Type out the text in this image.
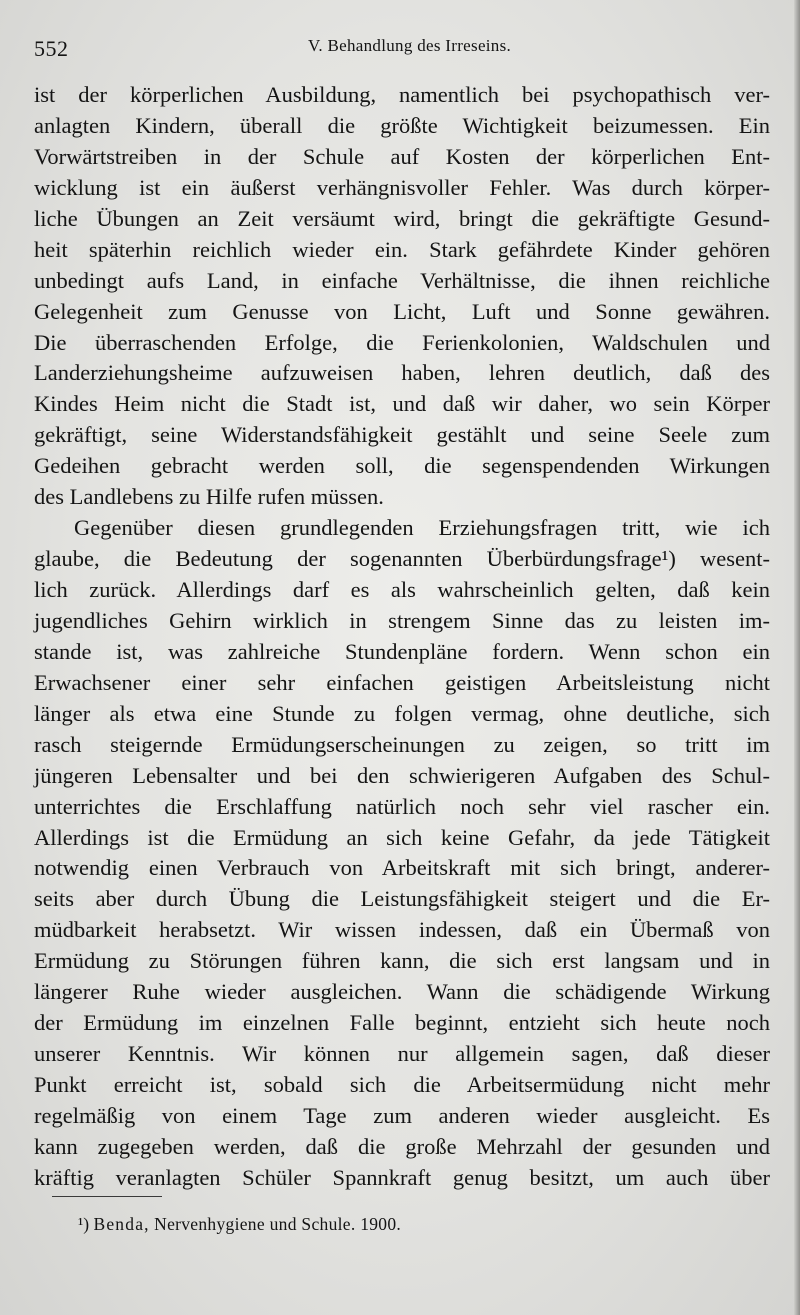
552	V. Behandlung des Irreseins.
ist der körperlichen Ausbildung, namentlich bei psychopathisch ver-
anlagten Kindern, überall die größte Wichtigkeit beizumessen. Ein
Vorwärtstreiben in der Schule auf Kosten der körperlichen Ent-
wicklung ist ein äußerst verhängnisvoller Fehler. Was durch körper-
liche Übungen an Zeit versäumt wird, bringt die gekräftigte Gesund-
heit späterhin reichlich wieder ein. Stark gefährdete Kinder gehören
unbedingt aufs Land, in einfache Verhältnisse, die ihnen reichliche
Gelegenheit zum Genusse von Licht, Luft und Sonne gewähren.
Die überraschenden Erfolge, die Ferienkolonien, Waldschulen und
Landerziehungsheime aufzuweisen haben, lehren deutlich, daß des
Kindes Heim nicht die Stadt ist, und daß wir daher, wo sein Körper
gekräftigt, seine Widerstandsfähigkeit gestählt und seine Seele zum
Gedeihen gebracht werden soll, die segenspendenden Wirkungen
des Landlebens zu Hilfe rufen müssen.
Gegenüber diesen grundlegenden Erziehungsfragen tritt, wie ich
glaube, die Bedeutung der sogenannten Überbürdungsfrage¹) wesent-
lich zurück. Allerdings darf es als wahrscheinlich gelten, daß kein
jugendliches Gehirn wirklich in strengem Sinne das zu leisten im-
stande ist, was zahlreiche Stundenpläne fordern. Wenn schon ein
Erwachsener einer sehr einfachen geistigen Arbeitsleistung nicht
länger als etwa eine Stunde zu folgen vermag, ohne deutliche, sich
rasch steigernde Ermüdungserscheinungen zu zeigen, so tritt im
jüngeren Lebensalter und bei den schwierigeren Aufgaben des Schul-
unterrichtes die Erschlaffung natürlich noch sehr viel rascher ein.
Allerdings ist die Ermüdung an sich keine Gefahr, da jede Tätigkeit
notwendig einen Verbrauch von Arbeitskraft mit sich bringt, anderer-
seits aber durch Übung die Leistungsfähigkeit steigert und die Er-
müdbarkeit herabsetzt. Wir wissen indessen, daß ein Übermaß von
Ermüdung zu Störungen führen kann, die sich erst langsam und in
längerer Ruhe wieder ausgleichen. Wann die schädigende Wirkung
der Ermüdung im einzelnen Falle beginnt, entzieht sich heute noch
unserer Kenntnis. Wir können nur allgemein sagen, daß dieser
Punkt erreicht ist, sobald sich die Arbeitsermüdung nicht mehr
regelmäßig von einem Tage zum anderen wieder ausgleicht. Es
kann zugegeben werden, daß die große Mehrzahl der gesunden und
kräftig veranlagten Schüler Spannkraft genug besitzt, um auch über
¹) Benda, Nervenhygiene und Schule. 1900.
